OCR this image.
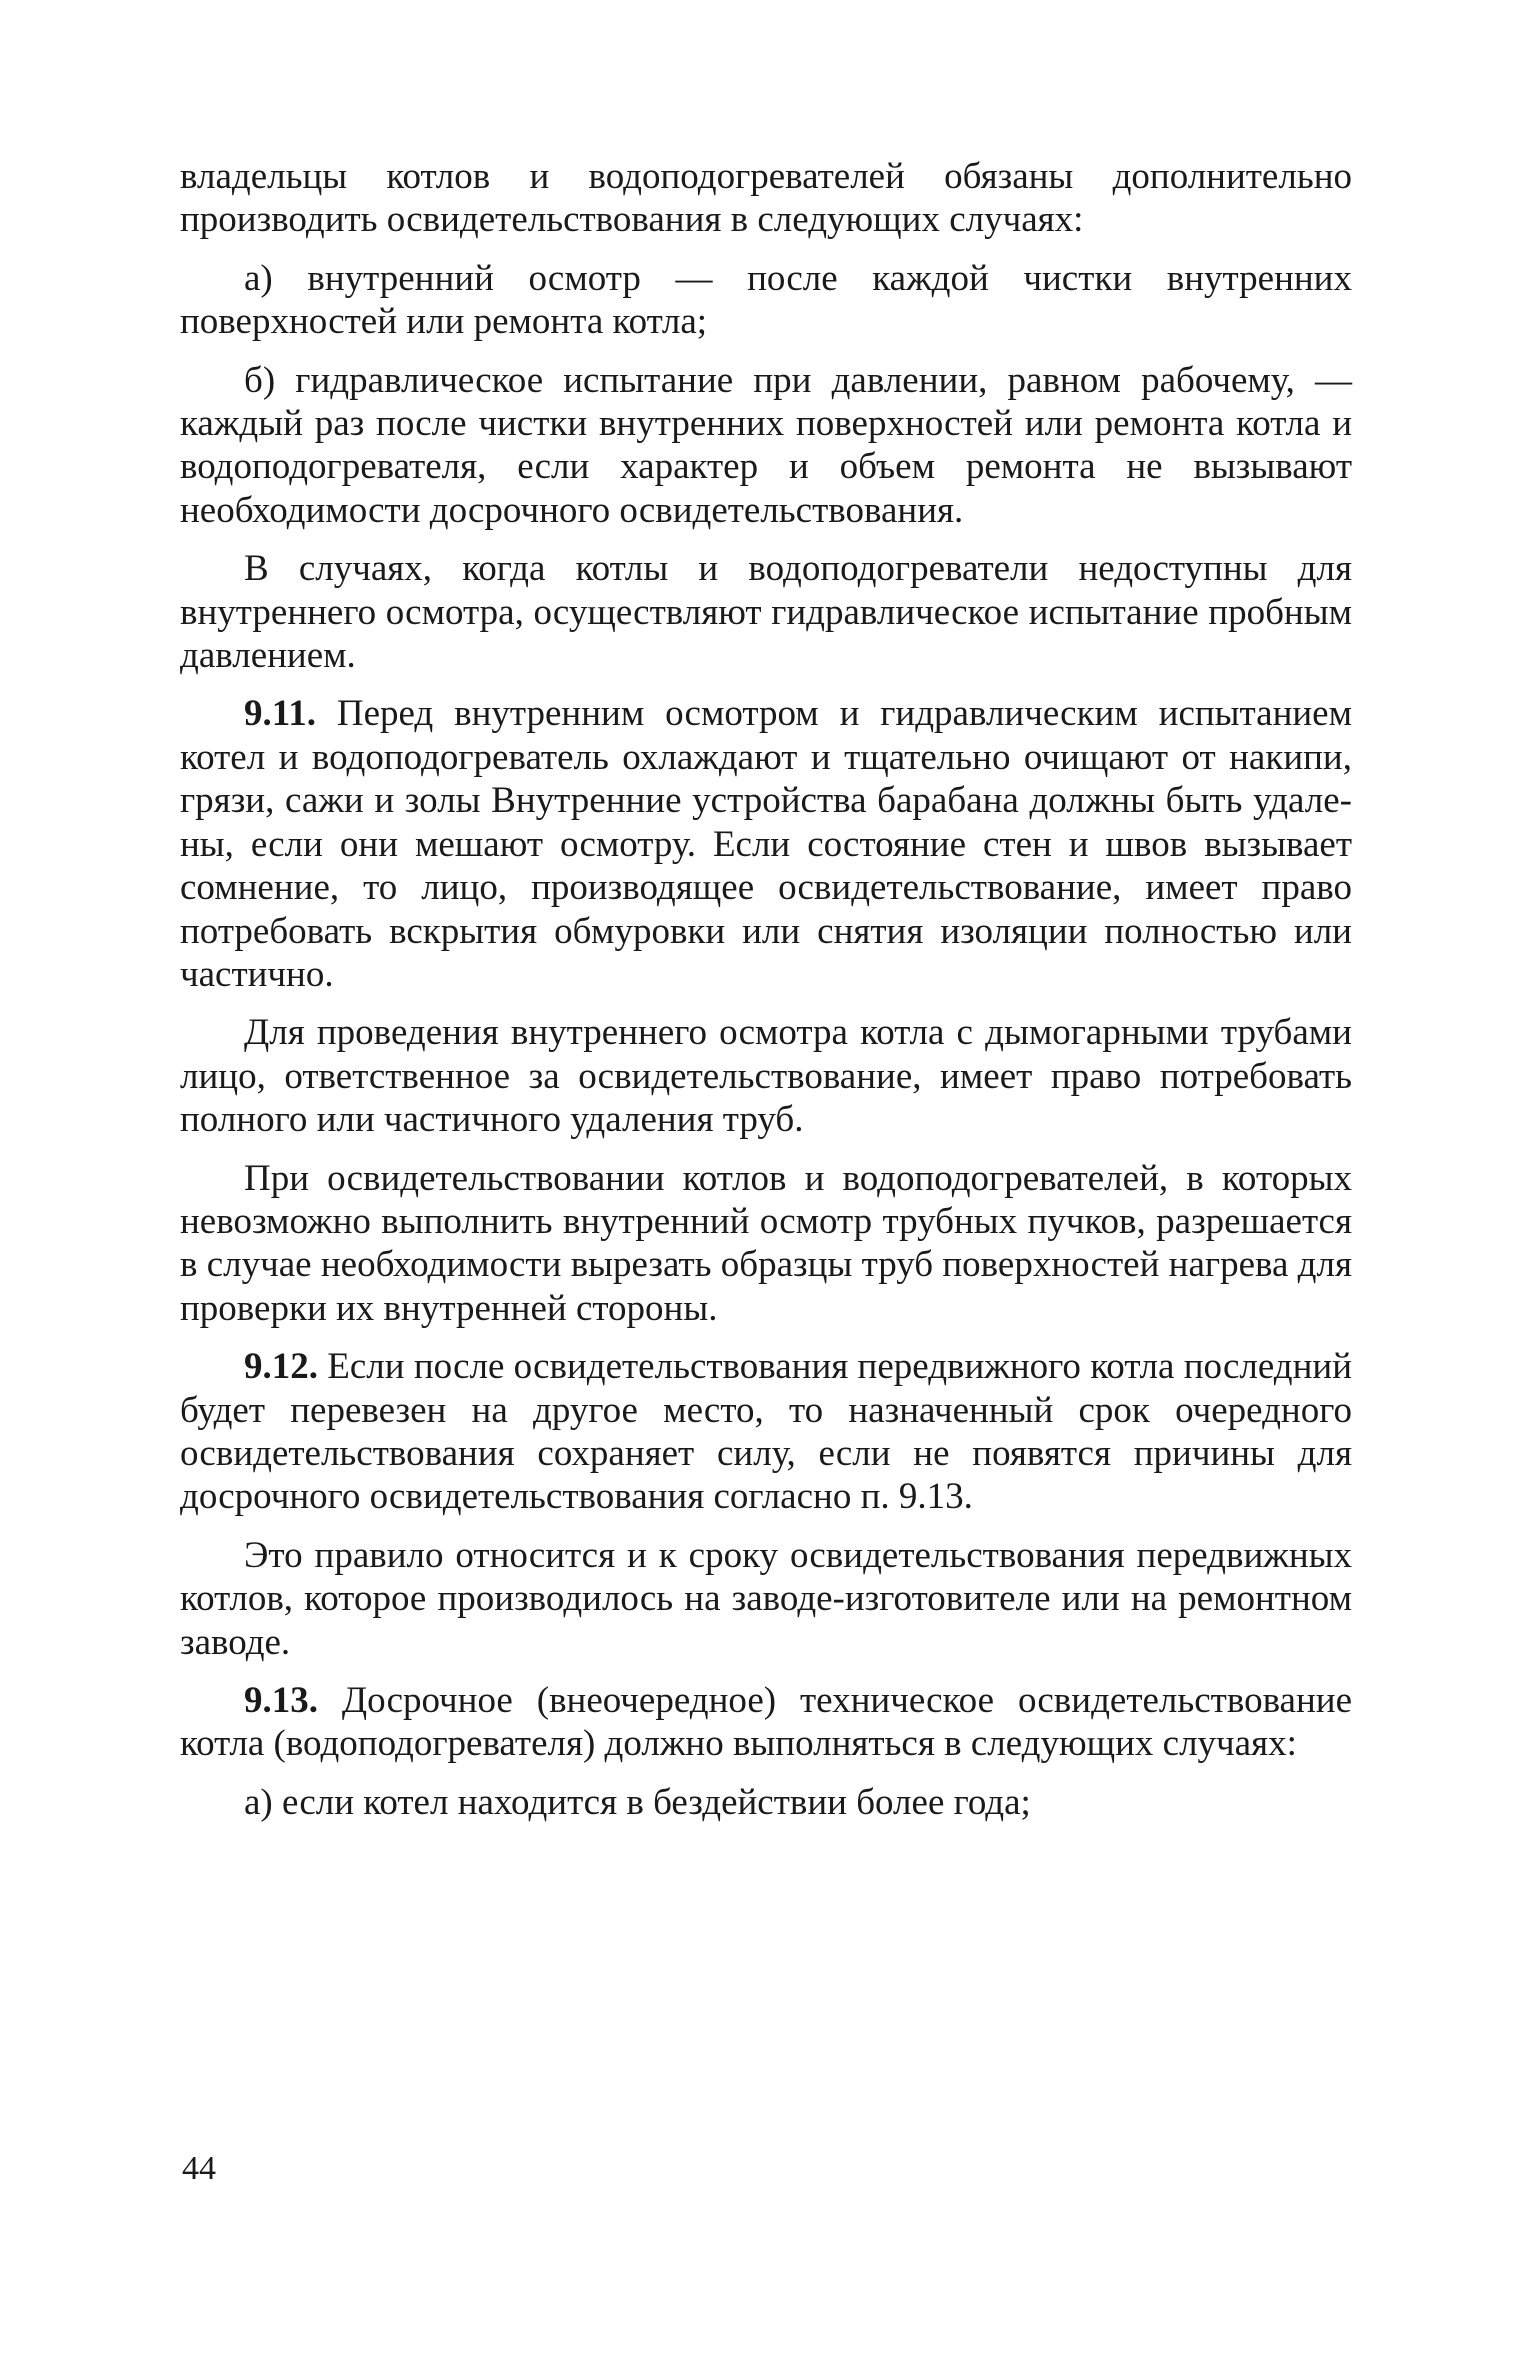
владельцы котлов и водоподогревателей обязаны дополнительно производить освидетельствования в следующих случаях:

а) внутренний осмотр — после каждой чистки внутренних поверхностей или ремонта котла;

б) гидравлическое испытание при давлении, равном рабочему, — каждый раз после чистки внутренних поверхностей или ремонта котла и водоподогревателя, если характер и объем ремонта не вызывают необходимости досрочного освидетельствования.

В случаях, когда котлы и водоподогреватели недоступны для внутреннего осмотра, осуществляют гидравлическое испытание пробным давлением.

9.11. Перед внутренним осмотром и гидравлическим испытанием котел и водоподогреватель охлаждают и тщательно очищают от накипи, грязи, сажи и золы Внутренние устройства барабана должны быть удалены, если они мешают осмотру. Если состояние стен и швов вызывает сомнение, то лицо, производящее освидетельствование, имеет право потребовать вскрытия обмуровки или снятия изоляции полностью или частично.

Для проведения внутреннего осмотра котла с дымогарными трубами лицо, ответственное за освидетельствование, имеет право потребовать полного или частичного удаления труб.

При освидетельствовании котлов и водоподогревателей, в которых невозможно выполнить внутренний осмотр трубных пучков, разрешается в случае необходимости вырезать образцы труб поверхностей нагрева для проверки их внутренней стороны.

9.12. Если после освидетельствования передвижного котла последний будет перевезен на другое место, то назначенный срок очередного освидетельствования сохраняет силу, если не появятся причины для досрочного освидетельствования согласно п. 9.13.

Это правило относится и к сроку освидетельствования передвижных котлов, которое производилось на заводе-изготовителе или на ремонтном заводе.

9.13. Досрочное (внеочередное) техническое освидетельствование котла (водоподогревателя) должно выполняться в следующих случаях:

а) если котел находится в бездействии более года;

44
